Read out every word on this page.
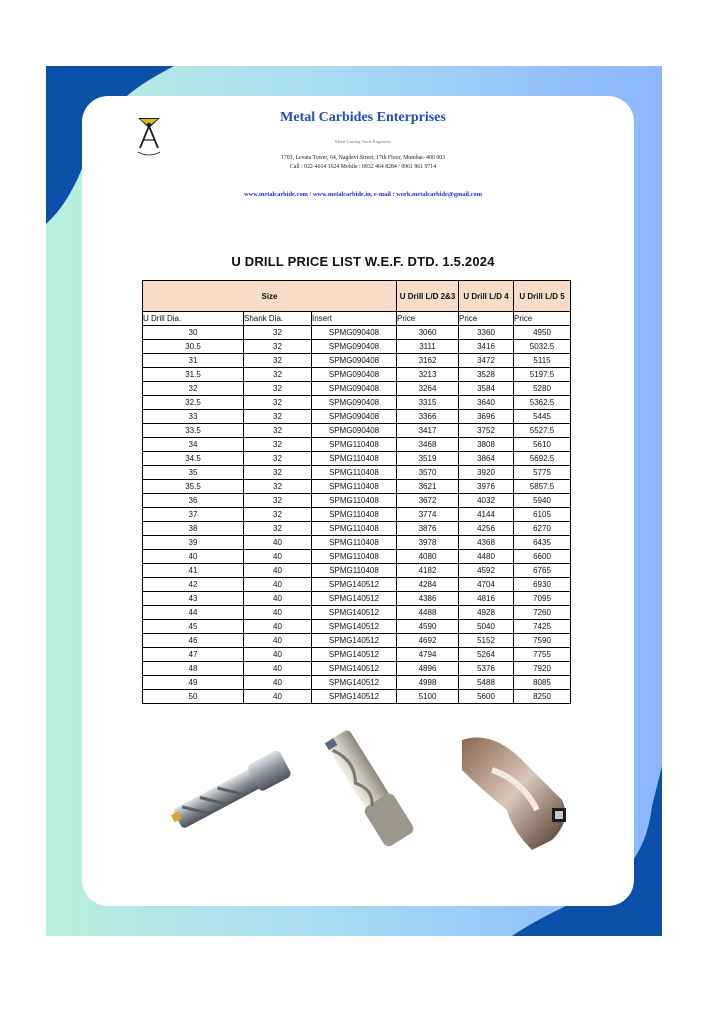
Metal Carbides Enterprises
Metal Cutting Tools Engineers
1703, Levata Tower, 64, Nagdevi Street, 17th Floor, Mumbai- 400 003
Call : 022-4014 1624 Mobile : 0932 464 8284 / 0961 961 9714
www.metalcarbide.com / www.metalcarbide.in, e-mail : work.metalcarbide@gmail.com
U DRILL PRICE LIST W.E.F. DTD. 1.5.2024
Size			U Drill L/D 2&3	U Drill L/D 4	U Drill L/D 5
U Drill Dia.	Shank Dia.	Insert	Price	Price	Price
30	32	SPMG090408	3060	3360	4950
30.5	32	SPMG090408	3111	3416	5032.5
31	32	SPMG090408	3162	3472	5115
31.5	32	SPMG090408	3213	3528	5197.5
32	32	SPMG090408	3264	3584	5280
32.5	32	SPMG090408	3315	3640	5362.5
33	32	SPMG090408	3366	3696	5445
33.5	32	SPMG090408	3417	3752	5527.5
34	32	SPMG110408	3468	3808	5610
34.5	32	SPMG110408	3519	3864	5692.5
35	32	SPMG110408	3570	3920	5775
35.5	32	SPMG110408	3621	3976	5857.5
36	32	SPMG110408	3672	4032	5940
37	32	SPMG110408	3774	4144	6105
38	32	SPMG110408	3876	4256	6270
39	40	SPMG110408	3978	4368	6435
40	40	SPMG110408	4080	4480	6600
41	40	SPMG110408	4182	4592	6765
42	40	SPMG140512	4284	4704	6930
43	40	SPMG140512	4386	4816	7095
44	40	SPMG140512	4488	4928	7260
45	40	SPMG140512	4590	5040	7425
46	40	SPMG140512	4692	5152	7590
47	40	SPMG140512	4794	5264	7755
48	40	SPMG140512	4896	5376	7920
49	40	SPMG140512	4998	5488	8085
50	40	SPMG140512	5100	5600	8250
